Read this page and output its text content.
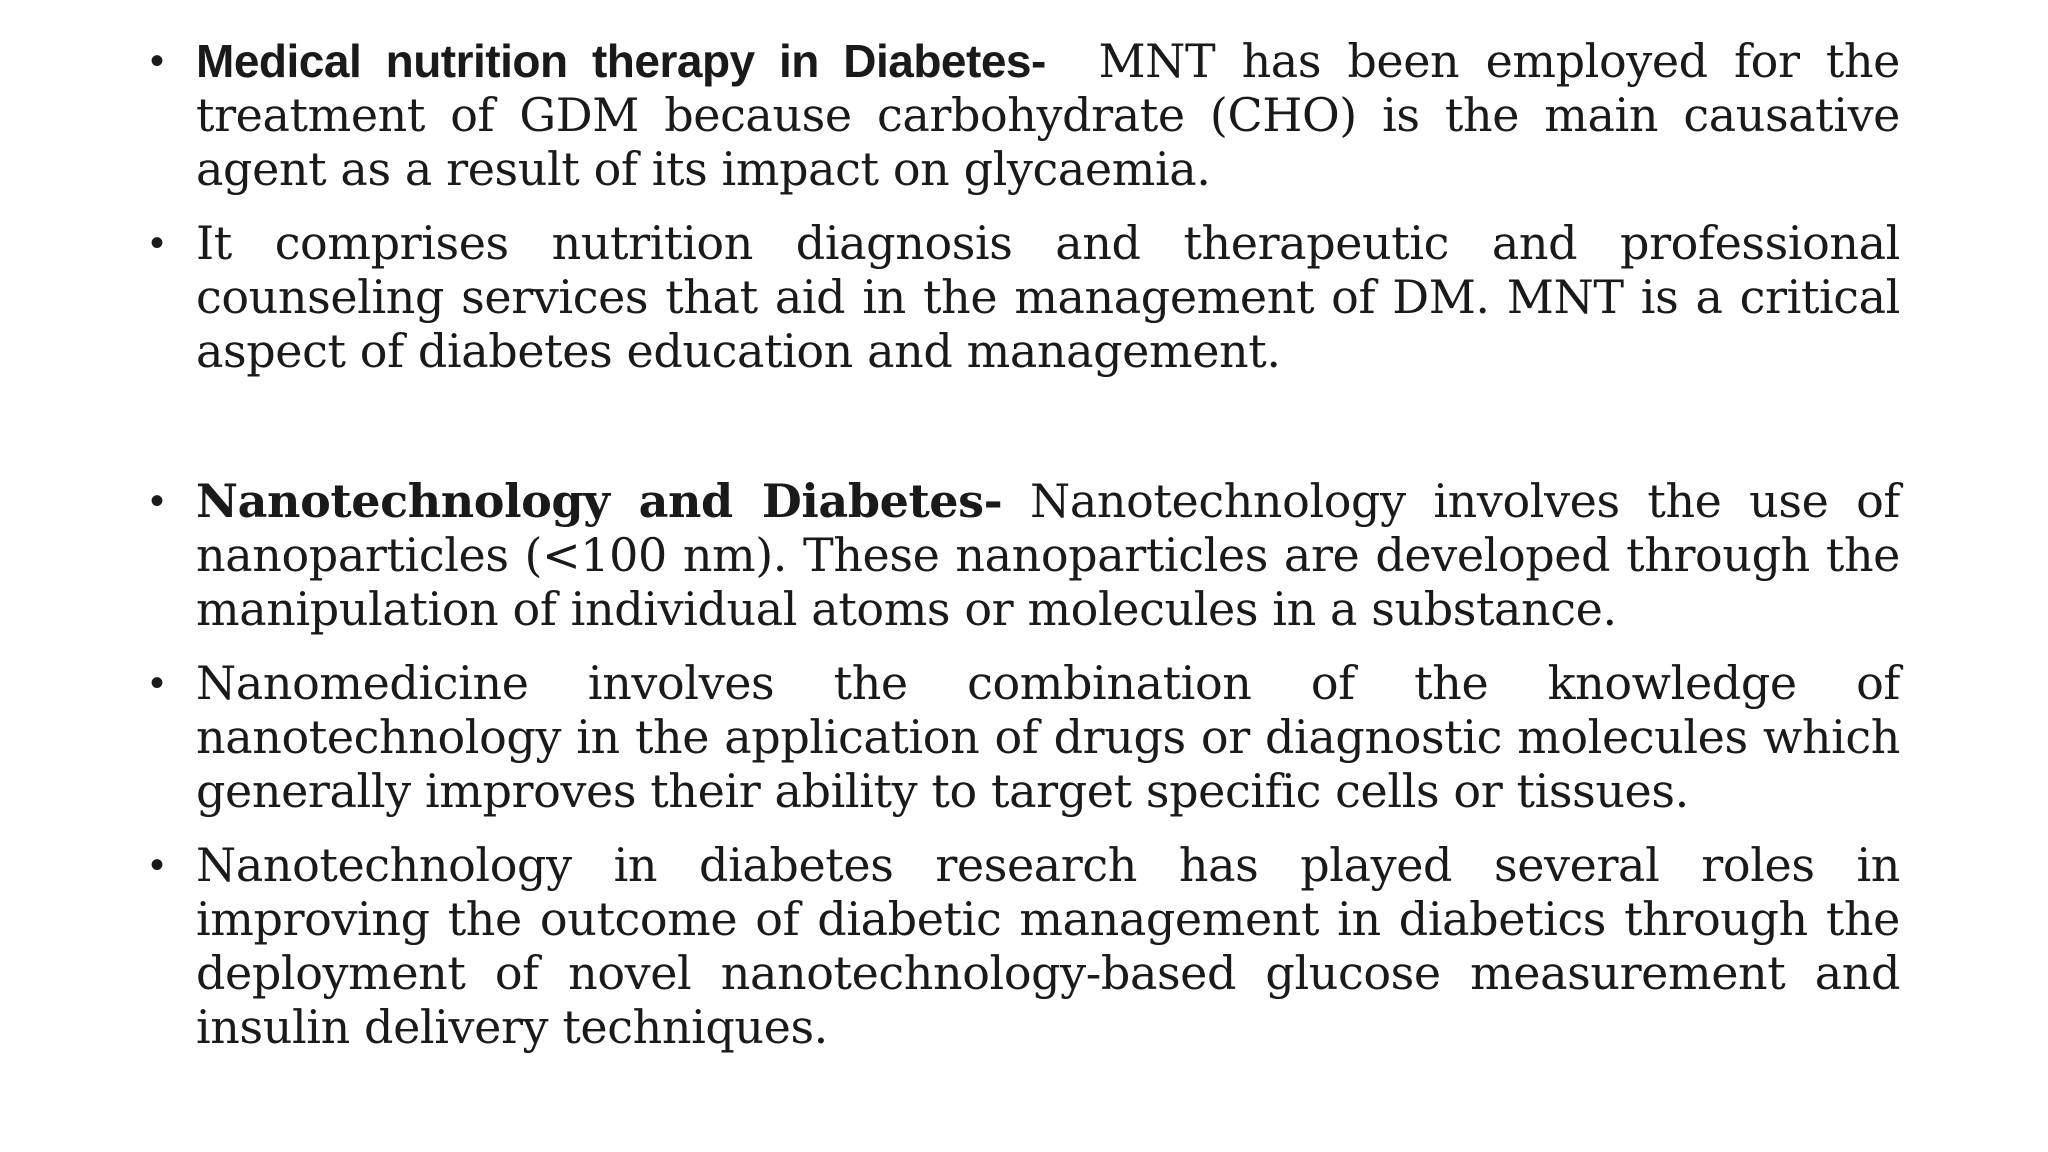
• Medical nutrition therapy in Diabetes- MNT has been employed for the treatment of GDM because carbohydrate (CHO) is the main causative agent as a result of its impact on glycaemia.
• It comprises nutrition diagnosis and therapeutic and professional counseling services that aid in the management of DM. MNT is a critical aspect of diabetes education and management.
• Nanotechnology and Diabetes- Nanotechnology involves the use of nanoparticles (<100 nm). These nanoparticles are developed through the manipulation of individual atoms or molecules in a substance.
• Nanomedicine involves the combination of the knowledge of nanotechnology in the application of drugs or diagnostic molecules which generally improves their ability to target specific cells or tissues.
• Nanotechnology in diabetes research has played several roles in improving the outcome of diabetic management in diabetics through the deployment of novel nanotechnology-based glucose measurement and insulin delivery techniques.
